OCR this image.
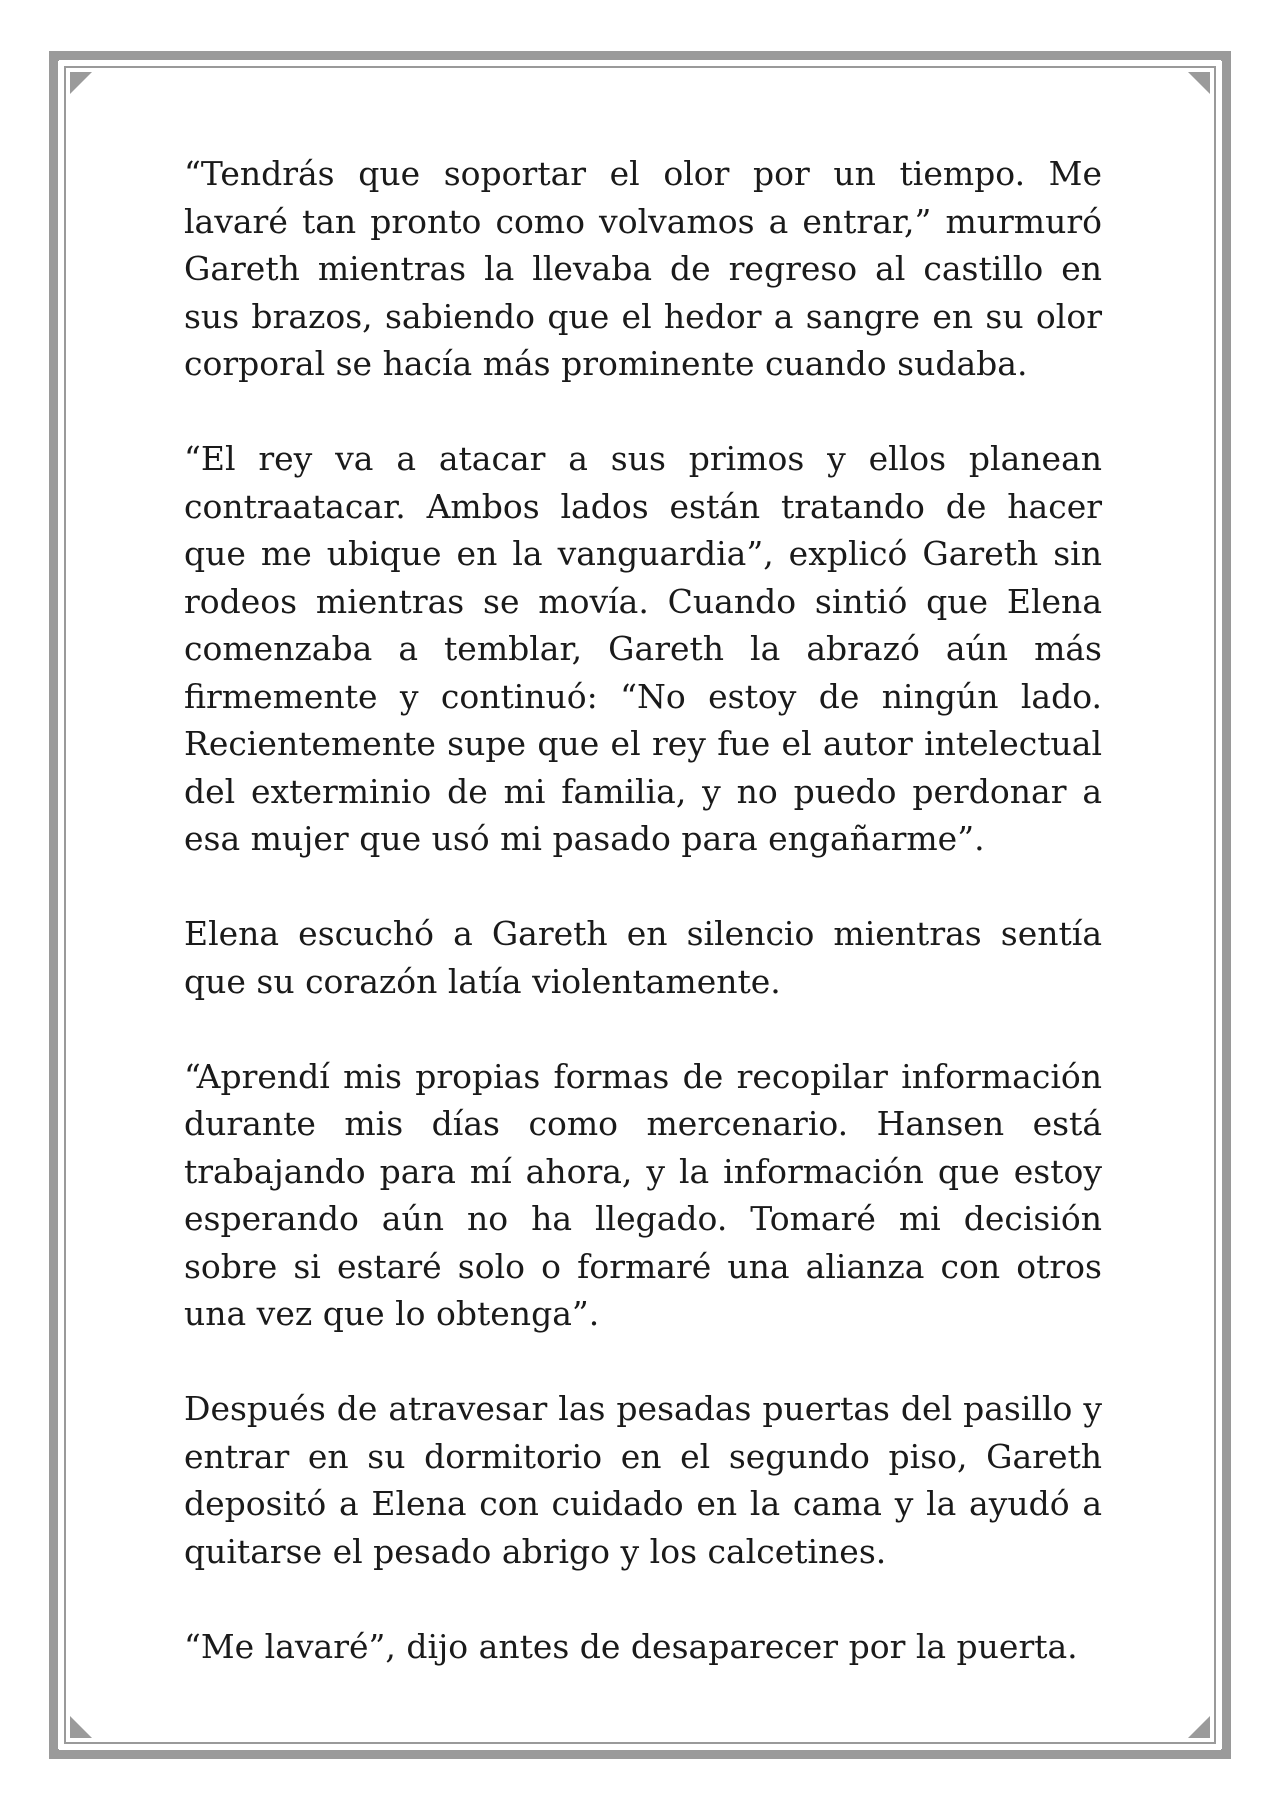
“Tendrás que soportar el olor por un tiempo. Me lavaré tan pronto como volvamos a entrar,” murmuró Gareth mientras la llevaba de regreso al castillo en sus brazos, sabiendo que el hedor a sangre en su olor corporal se hacía más prominente cuando sudaba.

“El rey va a atacar a sus primos y ellos planean contraatacar. Ambos lados están tratando de hacer que me ubique en la vanguardia”, explicó Gareth sin rodeos mientras se movía. Cuando sintió que Elena comenzaba a temblar, Gareth la abrazó aún más firmemente y continuó: “No estoy de ningún lado. Recientemente supe que el rey fue el autor intelectual del exterminio de mi familia, y no puedo perdonar a esa mujer que usó mi pasado para engañarme”.

Elena escuchó a Gareth en silencio mientras sentía que su corazón latía violentamente.

“Aprendí mis propias formas de recopilar información durante mis días como mercenario. Hansen está trabajando para mí ahora, y la información que estoy esperando aún no ha llegado. Tomaré mi decisión sobre si estaré solo o formaré una alianza con otros una vez que lo obtenga”.

Después de atravesar las pesadas puertas del pasillo y entrar en su dormitorio en el segundo piso, Gareth depositó a Elena con cuidado en la cama y la ayudó a quitarse el pesado abrigo y los calcetines.

“Me lavaré”, dijo antes de desaparecer por la puerta.
